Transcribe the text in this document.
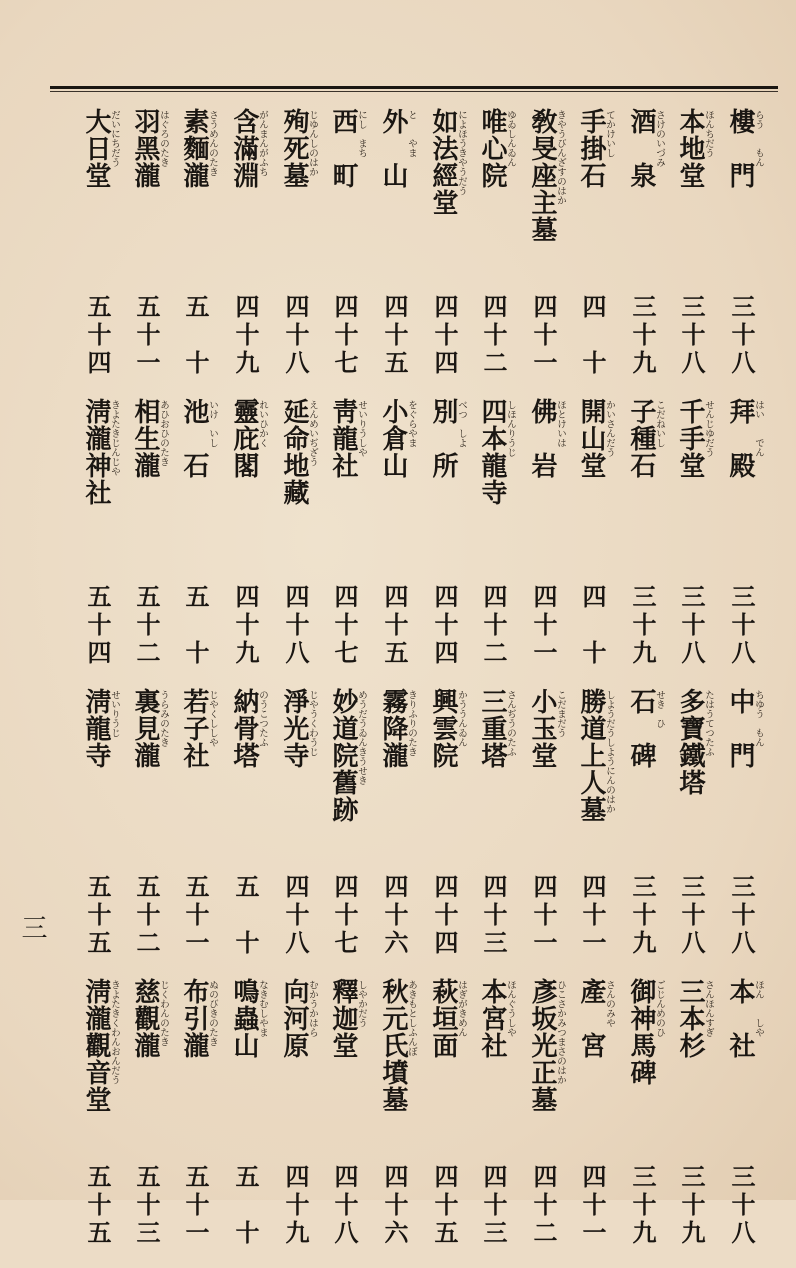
三
樓　門
らう　　もん
三十八
拜　殿
はい　　でん
三十八
中　門
ちゆう　もん
三十八
本　社
ほん　　しや
三十八
本地堂
ほんちだう
三十八
千手堂
せんじゆだう
三十八
多寶鐵塔
たはうてつたふ
三十八
三本杉
さんほんすぎ
三十九
酒　泉
さけのいづみ
三十九
子種石
こだねいし
三十九
石　碑
せき　ひ
三十九
御神馬碑
ごじんめのひ
三十九
手掛石
てかけいし
四　十
開山堂
かいさんだう
四　十
勝道上人墓
しようだうしようにんのはか
四十一
產　宮
さんのみや
四十一
敎旻座主墓
きやうびんざすのはか
四十一
佛　岩
ほとけいは
四十一
小玉堂
こだまだう
四十一
彥坂光正墓
ひこさかみつまさのはか
四十二
唯心院
ゆゐしんゐん
四十二
四本龍寺
しほんりうじ
四十二
三重塔
さんぢうのたふ
四十三
本宮社
ほんぐうしや
四十三
如法經堂
によほうきやうだう
四十四
別　所
べつ　しよ
四十四
興雲院
かううんゐん
四十四
萩垣面
はぎがきめん
四十五
外　山
と　　やま
四十五
小倉山
をぐらやま
四十五
霧降瀧
きりふりのたき
四十六
秋元氏墳墓
あきもとしふんぼ
四十六
西　町
にし　まち
四十七
靑龍社
せいりうしや
四十七
妙道院舊跡
めうだうゐんきうせき
四十七
釋迦堂
しやかだう
四十八
殉死墓
じゆんしのはか
四十八
延命地藏
えんめいぢざう
四十八
淨光寺
じやうくわうじ
四十八
向河原
むかうかはら
四十九
含滿淵
がんまんがふち
四十九
靈庇閣
れいひかく
四十九
納骨塔
のうこつたふ
五　十
鳴蟲山
なきむしやま
五　十
素麵瀧
さうめんのたき
五　十
池　石
いけ　いし
五　十
若子社
じやくししや
五十一
布引瀧
ぬのびきのたき
五十一
羽黑瀧
はぐろのたき
五十一
相生瀧
あひおひのたき
五十二
裏見瀧
うらみのたき
五十二
慈觀瀧
じくわんのたき
五十三
大日堂
だいにちだう
五十四
淸瀧神社
きよたきじんじや
五十四
淸龍寺
せいりうじ
五十五
淸瀧觀音堂
きよたきくわんおんだう
五十五
